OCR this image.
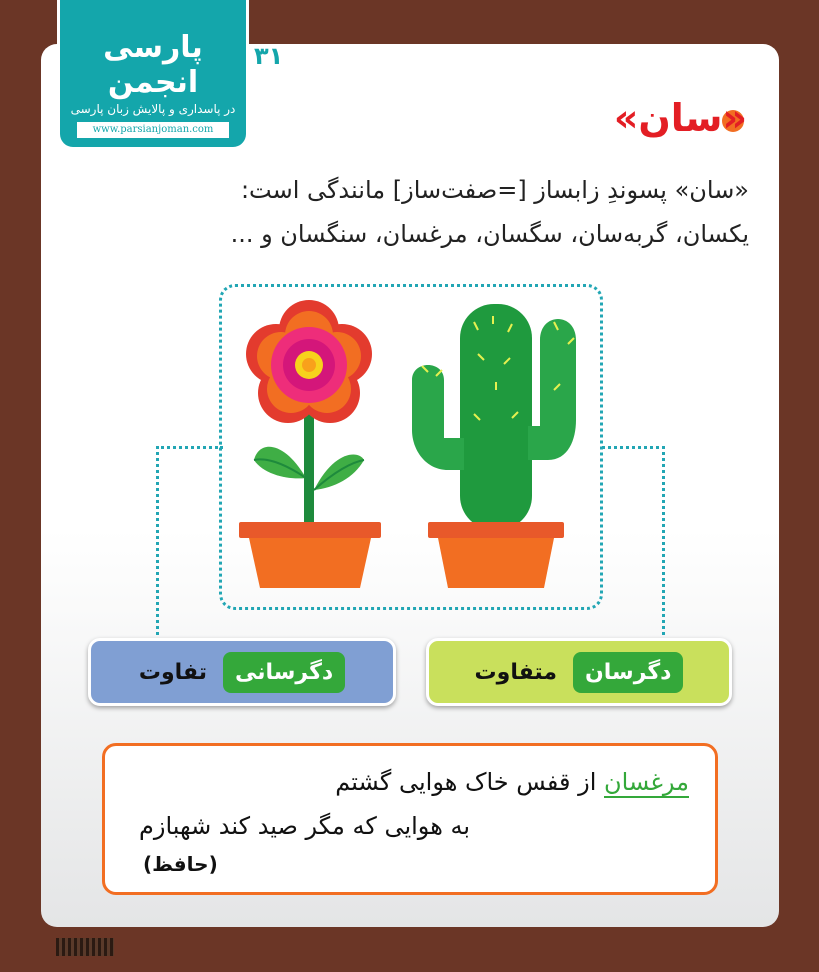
پارسی انجمن
در پاسداری و پالایش زبان پارسی
www.parsianjoman.com
۳۱
«سان»
«سان» پسوندِ زابساز [=صفت‌ساز] مانندگی است:
یکسان، گربه‌سان، سگسان، مرغسان، سنگسان و ...
دگرسانی
تفاوت	دگرسان
متفاوت
مرغسان از قفس خاک هوایی گشتم
به هوایی که مگر صید کند شهبازم
(حافظ)
